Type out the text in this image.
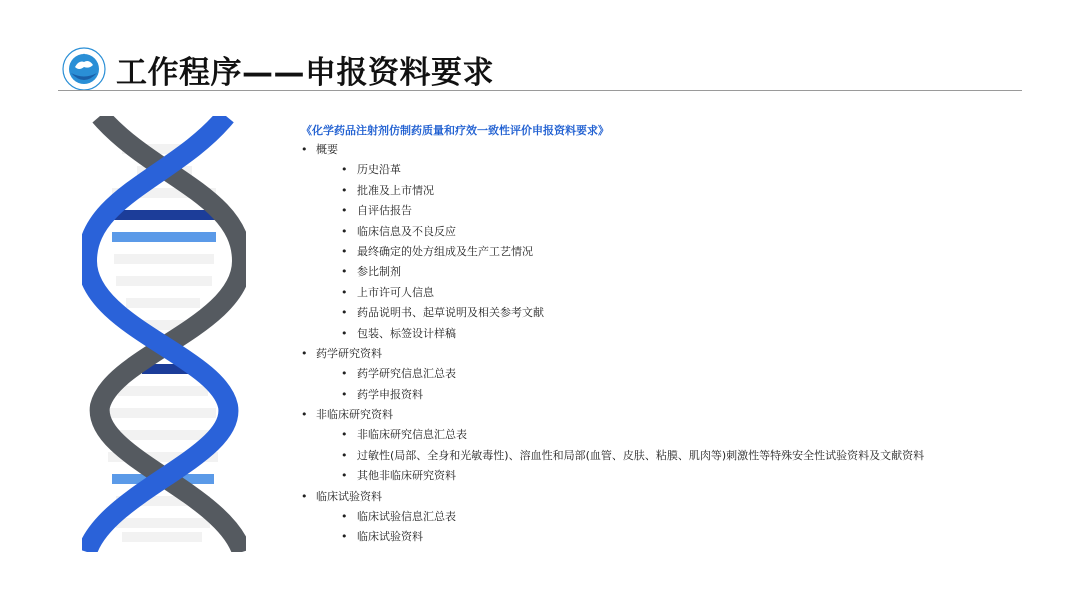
工作程序——申报资料要求
《化学药品注射剂仿制药质量和疗效一致性评价申报资料要求》
• 概要
• 历史沿革
• 批准及上市情况
• 自评估报告
• 临床信息及不良反应
• 最终确定的处方组成及生产工艺情况
• 参比制剂
• 上市许可人信息
• 药品说明书、起草说明及相关参考文献
• 包装、标签设计样稿
• 药学研究资料
• 药学研究信息汇总表
• 药学申报资料
• 非临床研究资料
• 非临床研究信息汇总表
• 过敏性(局部、全身和光敏毒性)、溶血性和局部(血管、皮肤、粘膜、肌肉等)刺激性等特殊安全性试验资料及文献资料
• 其他非临床研究资料
• 临床试验资料
• 临床试验信息汇总表
• 临床试验资料
